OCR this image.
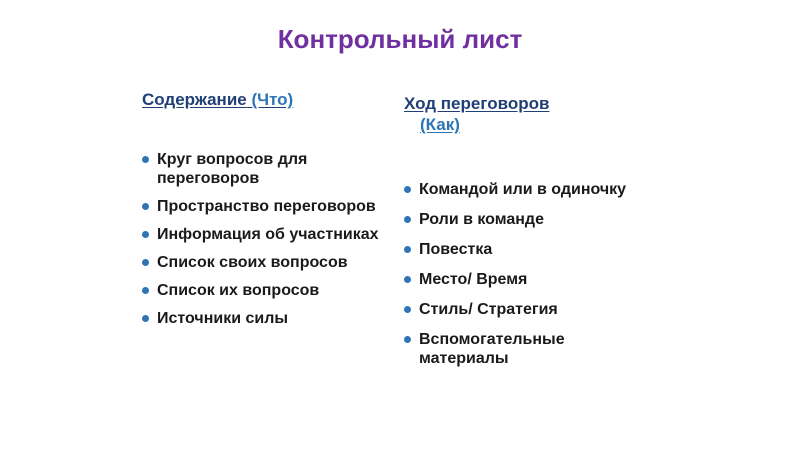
Контрольный лист
Содержание (Что)
Круг вопросов для переговоров
Пространство переговоров
Информация об участниках
Список своих вопросов
Список их вопросов
Источники силы
Ход переговоров
(Как)
Командой или в одиночку
Роли в команде
Повестка
Место/ Время
Стиль/ Стратегия
Вспомогательные материалы
